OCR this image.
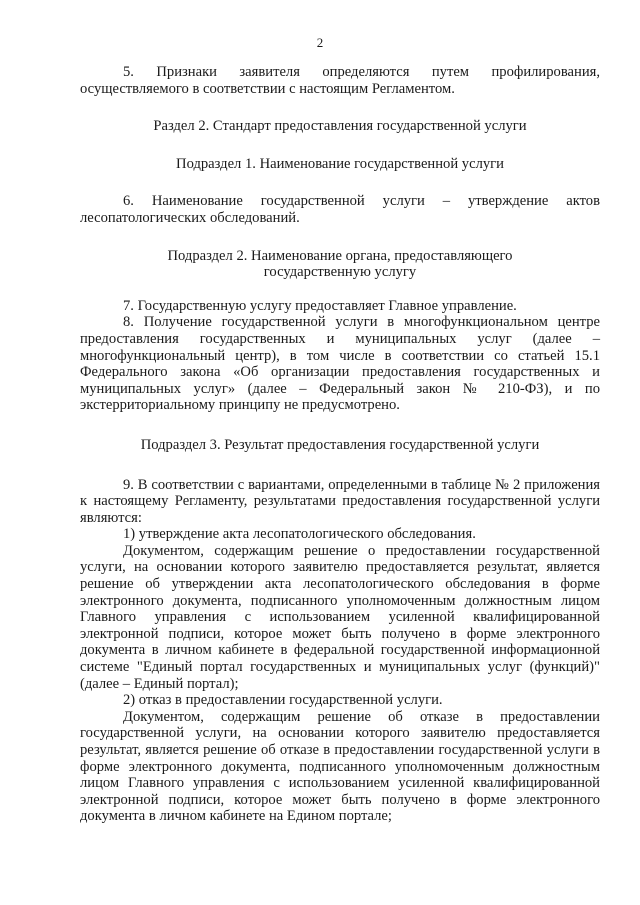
2

5. Признаки заявителя определяются путем профилирования, осуществляемого в соответствии с настоящим Регламентом.

Раздел 2. Стандарт предоставления государственной услуги

Подраздел 1. Наименование государственной услуги

6. Наименование государственной услуги – утверждение актов лесопатологических обследований.

Подраздел 2. Наименование органа, предоставляющего

государственную услугу

7. Государственную услугу предоставляет Главное управление.

8. Получение государственной услуги в многофункциональном центре предоставления государственных и муниципальных услуг (далее – многофункциональный центр), в том числе в соответствии со статьей 15.1 Федерального закона «Об организации предоставления государственных и муниципальных услуг» (далее – Федеральный закон № 210-ФЗ), и по экстерриториальному принципу не предусмотрено.

Подраздел 3. Результат предоставления государственной услуги

9. В соответствии с вариантами, определенными в таблице № 2 приложения к настоящему Регламенту, результатами предоставления государственной услуги являются:

1) утверждение акта лесопатологического обследования.

Документом, содержащим решение о предоставлении государственной услуги, на основании которого заявителю предоставляется результат, является решение об утверждении акта лесопатологического обследования в форме электронного документа, подписанного уполномоченным должностным лицом Главного управления с использованием усиленной квалифицированной электронной подписи, которое может быть получено в форме электронного документа в личном кабинете в федеральной государственной информационной системе "Единый портал государственных и муниципальных услуг (функций)" (далее – Единый портал);

2) отказ в предоставлении государственной услуги.

Документом, содержащим решение об отказе в предоставлении государственной услуги, на основании которого заявителю предоставляется результат, является решение об отказе в предоставлении государственной услуги в форме электронного документа, подписанного уполномоченным должностным лицом Главного управления с использованием усиленной квалифицированной электронной подписи, которое может быть получено в форме электронного документа в личном кабинете на Едином портале;
